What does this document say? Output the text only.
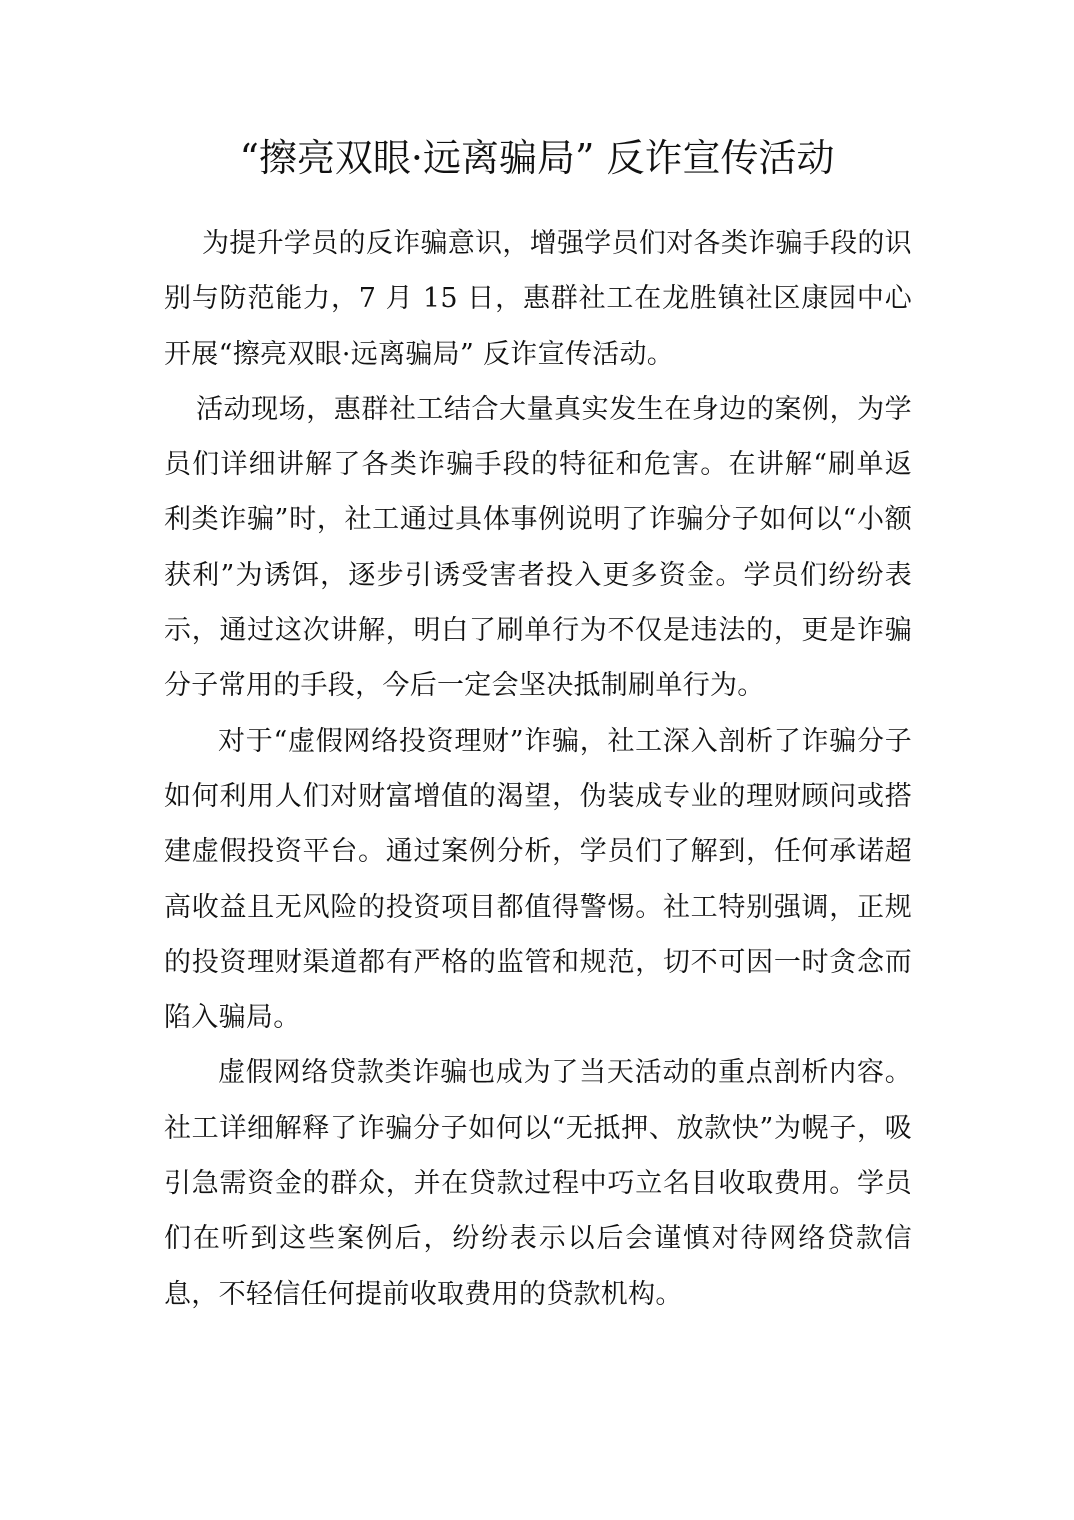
“擦亮双眼·远离骗局” 反诈宣传活动

为提升学员的反诈骗意识，增强学员们对各类诈骗手段的识别与防范能力，7 月 15 日，惠群社工在龙胜镇社区康园中心开展“擦亮双眼·远离骗局” 反诈宣传活动。

活动现场，惠群社工结合大量真实发生在身边的案例，为学员们详细讲解了各类诈骗手段的特征和危害。在讲解“刷单返利类诈骗”时，社工通过具体事例说明了诈骗分子如何以“小额获利”为诱饵，逐步引诱受害者投入更多资金。学员们纷纷表示，通过这次讲解，明白了刷单行为不仅是违法的，更是诈骗分子常用的手段，今后一定会坚决抵制刷单行为。

对于“虚假网络投资理财”诈骗，社工深入剖析了诈骗分子如何利用人们对财富增值的渴望，伪装成专业的理财顾问或搭建虚假投资平台。通过案例分析，学员们了解到，任何承诺超高收益且无风险的投资项目都值得警惕。社工特别强调，正规的投资理财渠道都有严格的监管和规范，切不可因一时贪念而陷入骗局。

虚假网络贷款类诈骗也成为了当天活动的重点剖析内容。社工详细解释了诈骗分子如何以“无抵押、放款快”为幌子，吸引急需资金的群众，并在贷款过程中巧立名目收取费用。学员们在听到这些案例后，纷纷表示以后会谨慎对待网络贷款信息，不轻信任何提前收取费用的贷款机构。
